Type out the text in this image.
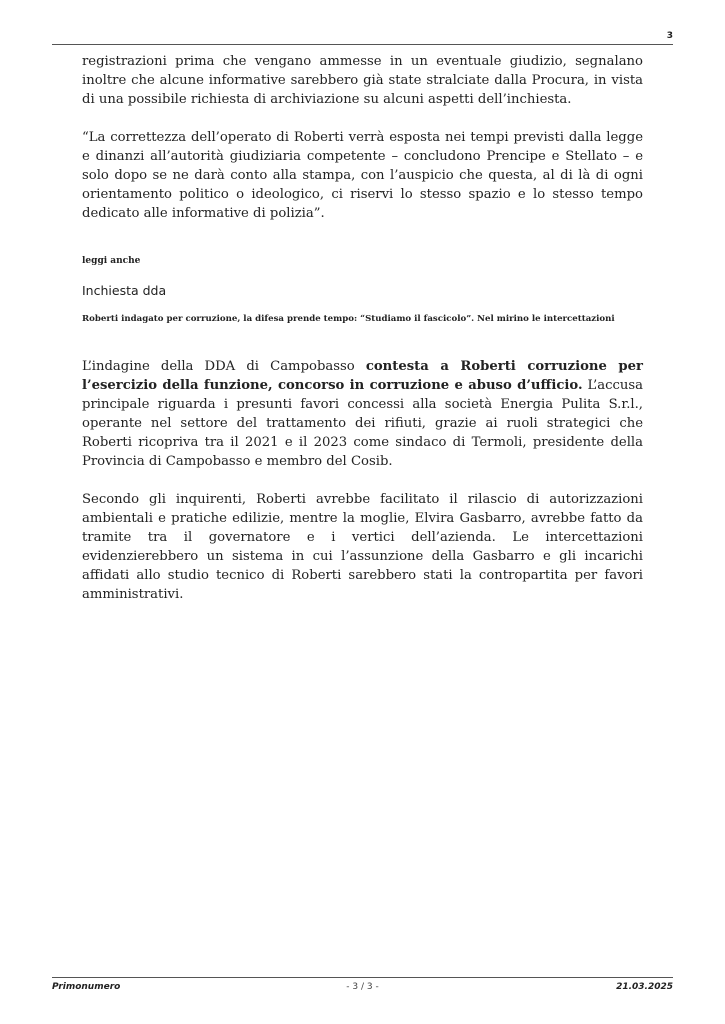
3

registrazioni prima che vengano ammesse in un eventuale giudizio, segnalano inoltre che alcune informative sarebbero già state stralciate dalla Procura, in vista di una possibile richiesta di archiviazione su alcuni aspetti dell’inchiesta.

“La correttezza dell’operato di Roberti verrà esposta nei tempi previsti dalla legge e dinanzi all’autorità giudiziaria competente – concludono Prencipe e Stellato – e solo dopo se ne darà conto alla stampa, con l’auspicio che questa, al di là di ogni orientamento politico o ideologico, ci riservi lo stesso spazio e lo stesso tempo dedicato alle informative di polizia”.

leggi anche
Inchiesta dda
Roberti indagato per corruzione, la difesa prende tempo: “Studiamo il fascicolo”. Nel mirino le intercettazioni

L’indagine della DDA di Campobasso contesta a Roberti corruzione per l’esercizio della funzione, concorso in corruzione e abuso d’ufficio. L’accusa principale riguarda i presunti favori concessi alla società Energia Pulita S.r.l., operante nel settore del trattamento dei rifiuti, grazie ai ruoli strategici che Roberti ricopriva tra il 2021 e il 2023 come sindaco di Termoli, presidente della Provincia di Campobasso e membro del Cosib.

Secondo gli inquirenti, Roberti avrebbe facilitato il rilascio di autorizzazioni ambientali e pratiche edilizie, mentre la moglie, Elvira Gasbarro, avrebbe fatto da tramite tra il governatore e i vertici dell’azienda. Le intercettazioni evidenzierebbero un sistema in cui l’assunzione della Gasbarro e gli incarichi affidati allo studio tecnico di Roberti sarebbero stati la contropartita per favori amministrativi.

Primonumero	- 3 / 3 -	21.03.2025
